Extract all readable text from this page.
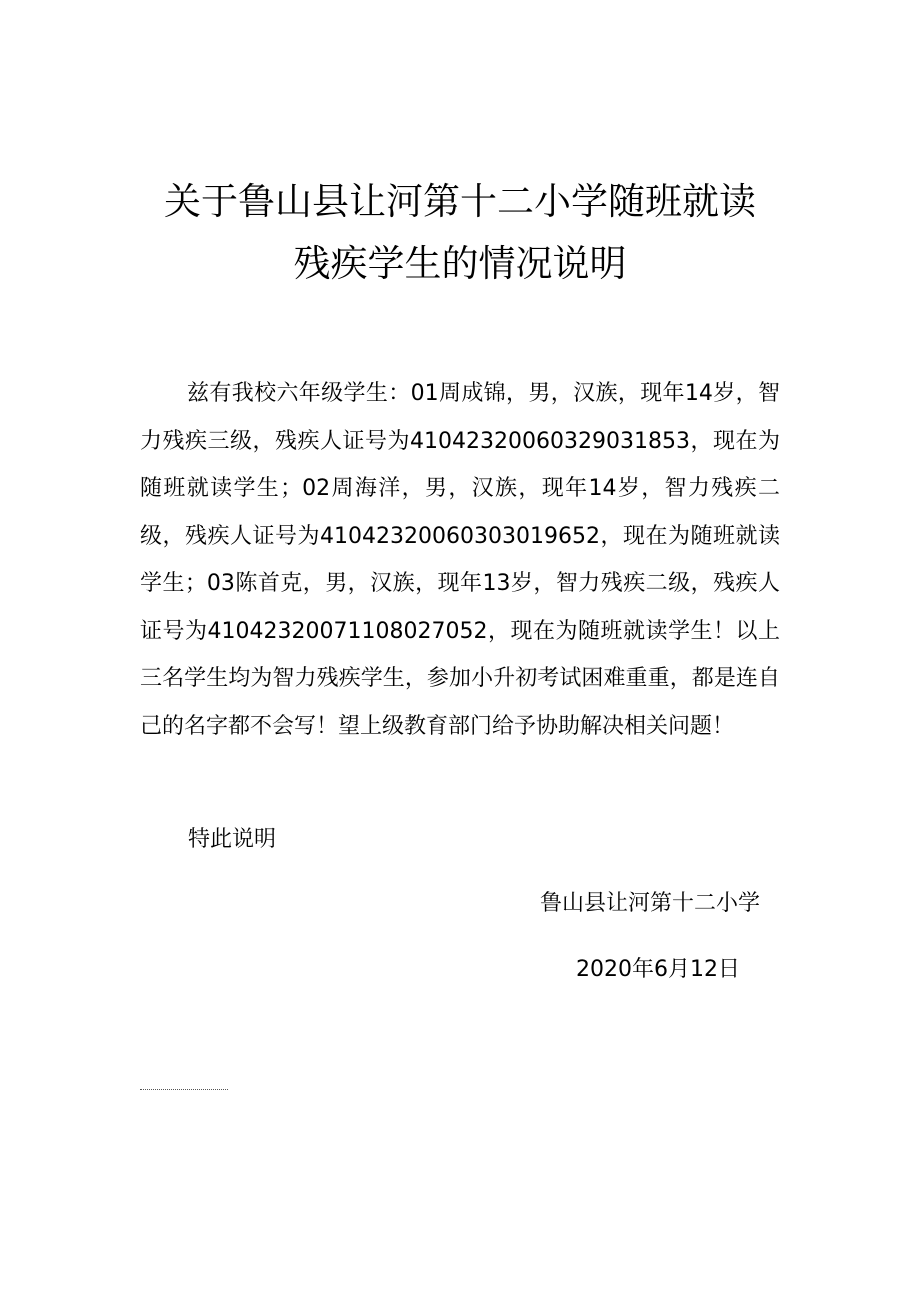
关于鲁山县让河第十二小学随班就读
残疾学生的情况说明

兹有我校六年级学生：01周成锦，男，汉族，现年14岁，智力残疾三级，残疾人证号为41042320060329031853，现在为随班就读学生；02周海洋，男，汉族，现年14岁，智力残疾二级，残疾人证号为41042320060303019652，现在为随班就读学生；03陈首克，男，汉族，现年13岁，智力残疾二级，残疾人证号为41042320071108027052，现在为随班就读学生！以上三名学生均为智力残疾学生，参加小升初考试困难重重，都是连自己的名字都不会写！望上级教育部门给予协助解决相关问题！

特此说明
鲁山县让河第十二小学
2020年6月12日
